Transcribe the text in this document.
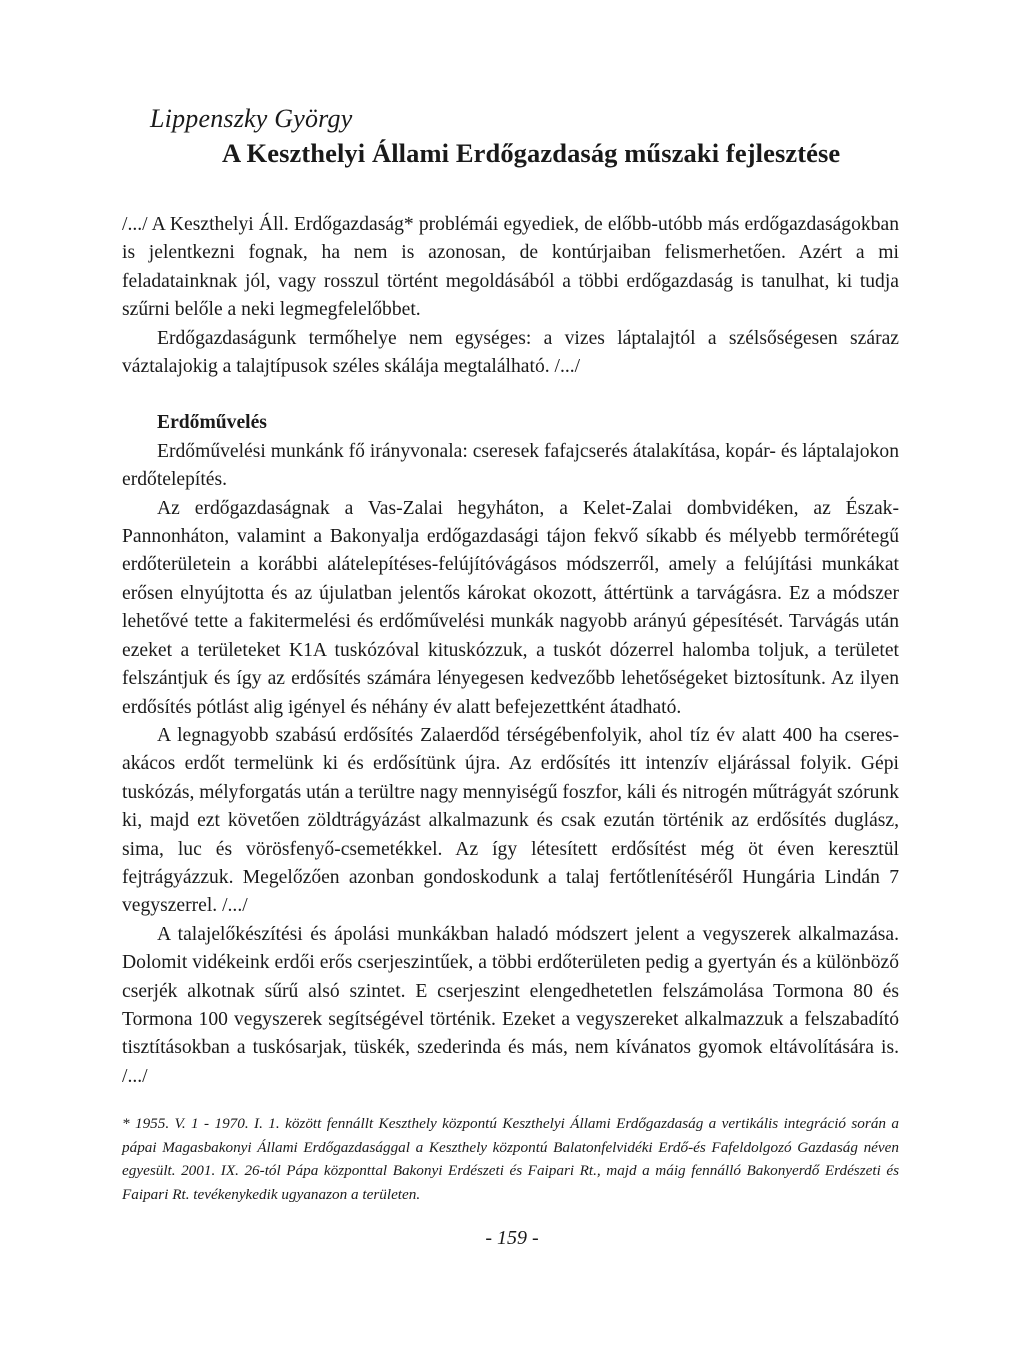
Lippenszky György
A Keszthelyi Állami Erdőgazdaság műszaki fejlesztése

/.../ A Keszthelyi Áll. Erdőgazdaság* problémái egyediek, de előbb-utóbb más erdőgazdaságokban is jelentkezni fognak, ha nem is azonosan, de kontúrjaiban felismerhetően. Azért a mi feladatainknak jól, vagy rosszul történt megoldásából a többi erdőgazdaság is tanulhat, ki tudja szűrni belőle a neki legmegfelelőbbet.

Erdőgazdaságunk termőhelye nem egységes: a vizes láptalajtól a szélsőségesen száraz váztalajokig a talajtípusok széles skálája megtalálható. /.../

Erdőművelés

Erdőművelési munkánk fő irányvonala: cseresek fafajcserés átalakítása, kopár- és láptalajokon erdőtelepítés.

Az erdőgazdaságnak a Vas-Zalai hegyháton, a Kelet-Zalai dombvidéken, az Észak-Pannonháton, valamint a Bakonyalja erdőgazdasági tájon fekvő síkabb és mélyebb termőrétegű erdőterületein a korábbi alátelepítéses-felújítóvágásos módszerről, amely a felújítási munkákat erősen elnyújtotta és az újulatban jelentős károkat okozott, áttértünk a tarvágásra. Ez a módszer lehetővé tette a fakitermelési és erdőművelési munkák nagyobb arányú gépesítését. Tarvágás után ezeket a területeket K1A tuskózóval kituskózzuk, a tuskót dózerrel halomba toljuk, a területet felszántjuk és így az erdősítés számára lényegesen kedvezőbb lehetőségeket biztosítunk. Az ilyen erdősítés pótlást alig igényel és néhány év alatt befejezettként átadható.

A legnagyobb szabású erdősítés Zalaerdőd térségébenfolyik, ahol tíz év alatt 400 ha cseres-akácos erdőt termelünk ki és erdősítünk újra. Az erdősítés itt intenzív eljárással folyik. Gépi tuskózás, mélyforgatás után a terültre nagy mennyiségű foszfor, káli és nitrogén műtrágyát szórunk ki, majd ezt követően zöldtrágyázást alkalmazunk és csak ezután történik az erdősítés duglász, sima, luc és vörösfenyő-csemetékkel. Az így létesített erdősítést még öt éven keresztül fejtrágyázzuk. Megelőzően azonban gondoskodunk a talaj fertőtlenítéséről Hungária Lindán 7 vegyszerrel. /.../

A talajelőkészítési és ápolási munkákban haladó módszert jelent a vegyszerek alkalmazása. Dolomit vidékeink erdői erős cserjeszintűek, a többi erdőterületen pedig a gyertyán és a különböző cserjék alkotnak sűrű alsó szintet. E cserjeszint elengedhetetlen felszámolása Tormona 80 és Tormona 100 vegyszerek segítségével történik. Ezeket a vegyszereket alkalmazzuk a felszabadító tisztításokban a tuskósarjak, tüskék, szederinda és más, nem kívánatos gyomok eltávolítására is. /.../

* 1955. V. 1 - 1970. I. 1. között fennállt Keszthely központú Keszthelyi Állami Erdőgazdaság a vertikális integráció során a pápai Magasbakonyi Állami Erdőgazdasággal a Keszthely központú Balatonfelvidéki Erdő-és Fafeldolgozó Gazdaság néven egyesült. 2001. IX. 26-tól Pápa központtal Bakonyi Erdészeti és Faipari Rt., majd a máig fennálló Bakonyerdő Erdészeti és Faipari Rt. tevékenykedik ugyanazon a területen.

- 159 -
